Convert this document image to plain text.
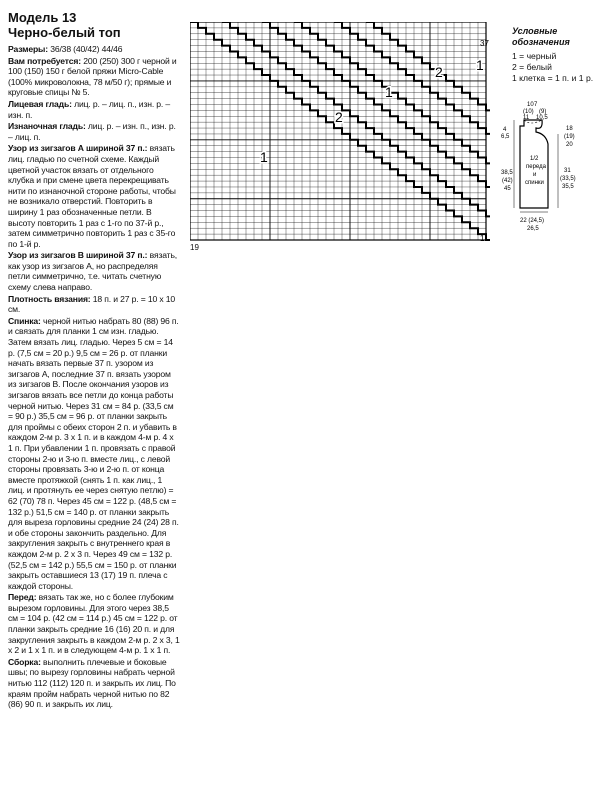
Модель 13
Черно-белый топ

Размеры: 36/38 (40/42) 44/46

Вам потребуется: 200 (250) 300 г черной и 100 (150) 150 г белой пряжи Micro-Cable (100% микроволокна, 78 м/50 г); прямые и круговые спицы № 5.

Лицевая гладь: лиц. р. – лиц. п., изн. р. – изн. п.

Изнаночная гладь: лиц. р. – изн. п., изн. р. – лиц. п.

Узор из зигзагов А шириной 37 п.: вязать лиц. гладью по счетной схеме. Каждый цветной участок вязать от отдельного клубка и при смене цвета перекрещивать нити по изнаночной стороне работы, чтобы не возникало отверстий. Повторить в ширину 1 раз обозначенные петли. В высоту повторить 1 раз с 1-го по 37-й р., затем симметрично повторить 1 раз с 35-го по 1-й р.

Узор из зигзагов В шириной 37 п.: вязать, как узор из зигзагов А, но распределяя петли симметрично, т.е. читать счетную схему слева направо.

Плотность вязания: 18 п. и 27 р. = 10 х 10 см.

Спинка: черной нитью набрать 80 (88) 96 п. и связать для планки 1 см изн. гладью. Затем вязать лиц. гладью. Через 5 см = 14 р. (7,5 см = 20 р.) 9,5 см = 26 р. от планки начать вязать первые 37 п. узором из зигзагов А, последние 37 п. вязать узором из зигзагов В. После окончания узоров из зигзагов вязать все петли до конца работы черной нитью. Через 31 см = 84 р. (33,5 см = 90 р.) 35,5 см = 96 р. от планки закрыть для проймы с обеих сторон 2 п. и убавить в каждом 2-м р. 3 х 1 п. и в каждом 4-м р. 4 х 1 п. При убавлении 1 п. провязать с правой стороны 2-ю и 3-ю п. вместе лиц., с левой стороны провязать 3-ю и 2-ю п. от конца вместе протяжкой (снять 1 п. как лиц., 1 лиц. и протянуть ее через снятую петлю) = 62 (70) 78 п. Через 45 см = 122 р. (48,5 см = 132 р.) 51,5 см = 140 р. от планки закрыть для выреза горловины средние 24 (24) 28 п. и обе стороны закончить раздельно. Для закругления закрыть с внутреннего края в каждом 2-м р. 2 х 3 п. Через 49 см = 132 р. (52,5 см = 142 р.) 55,5 см = 150 р. от планки закрыть оставшиеся 13 (17) 19 п. плеча с каждой стороны.

Перед: вязать так же, но с более глубоким вырезом горловины. Для этого через 38,5 см = 104 р. (42 см = 114 р.) 45 см = 122 р. от планки закрыть средние 16 (16) 20 п. и для закругления закрыть в каждом 2-м р. 2 х 3, 1 х 2 и 1 х 1 п. и в следующем 4-м р. 1 х 1 п.

Сборка: выполнить плечевые и боковые швы; по вырезу горловины набрать черной нитью 112 (112) 120 п. и закрыть их лиц. По краям пройм набрать черной нитью по 82 (86) 90 п. и закрыть их лиц.

1
2
1
2 1
37
1
19
Условные
обозначения
1 = черный
2 = белый
1 клетка = 1 п. и 1 р.
10 7
(10)
11
(9)
10,5
4
6,5
18
(19)
20
38,5
(42)
45
31
(33,5)
35,5
1/2
переда
и
спинки
22 (24,5)
26,5
